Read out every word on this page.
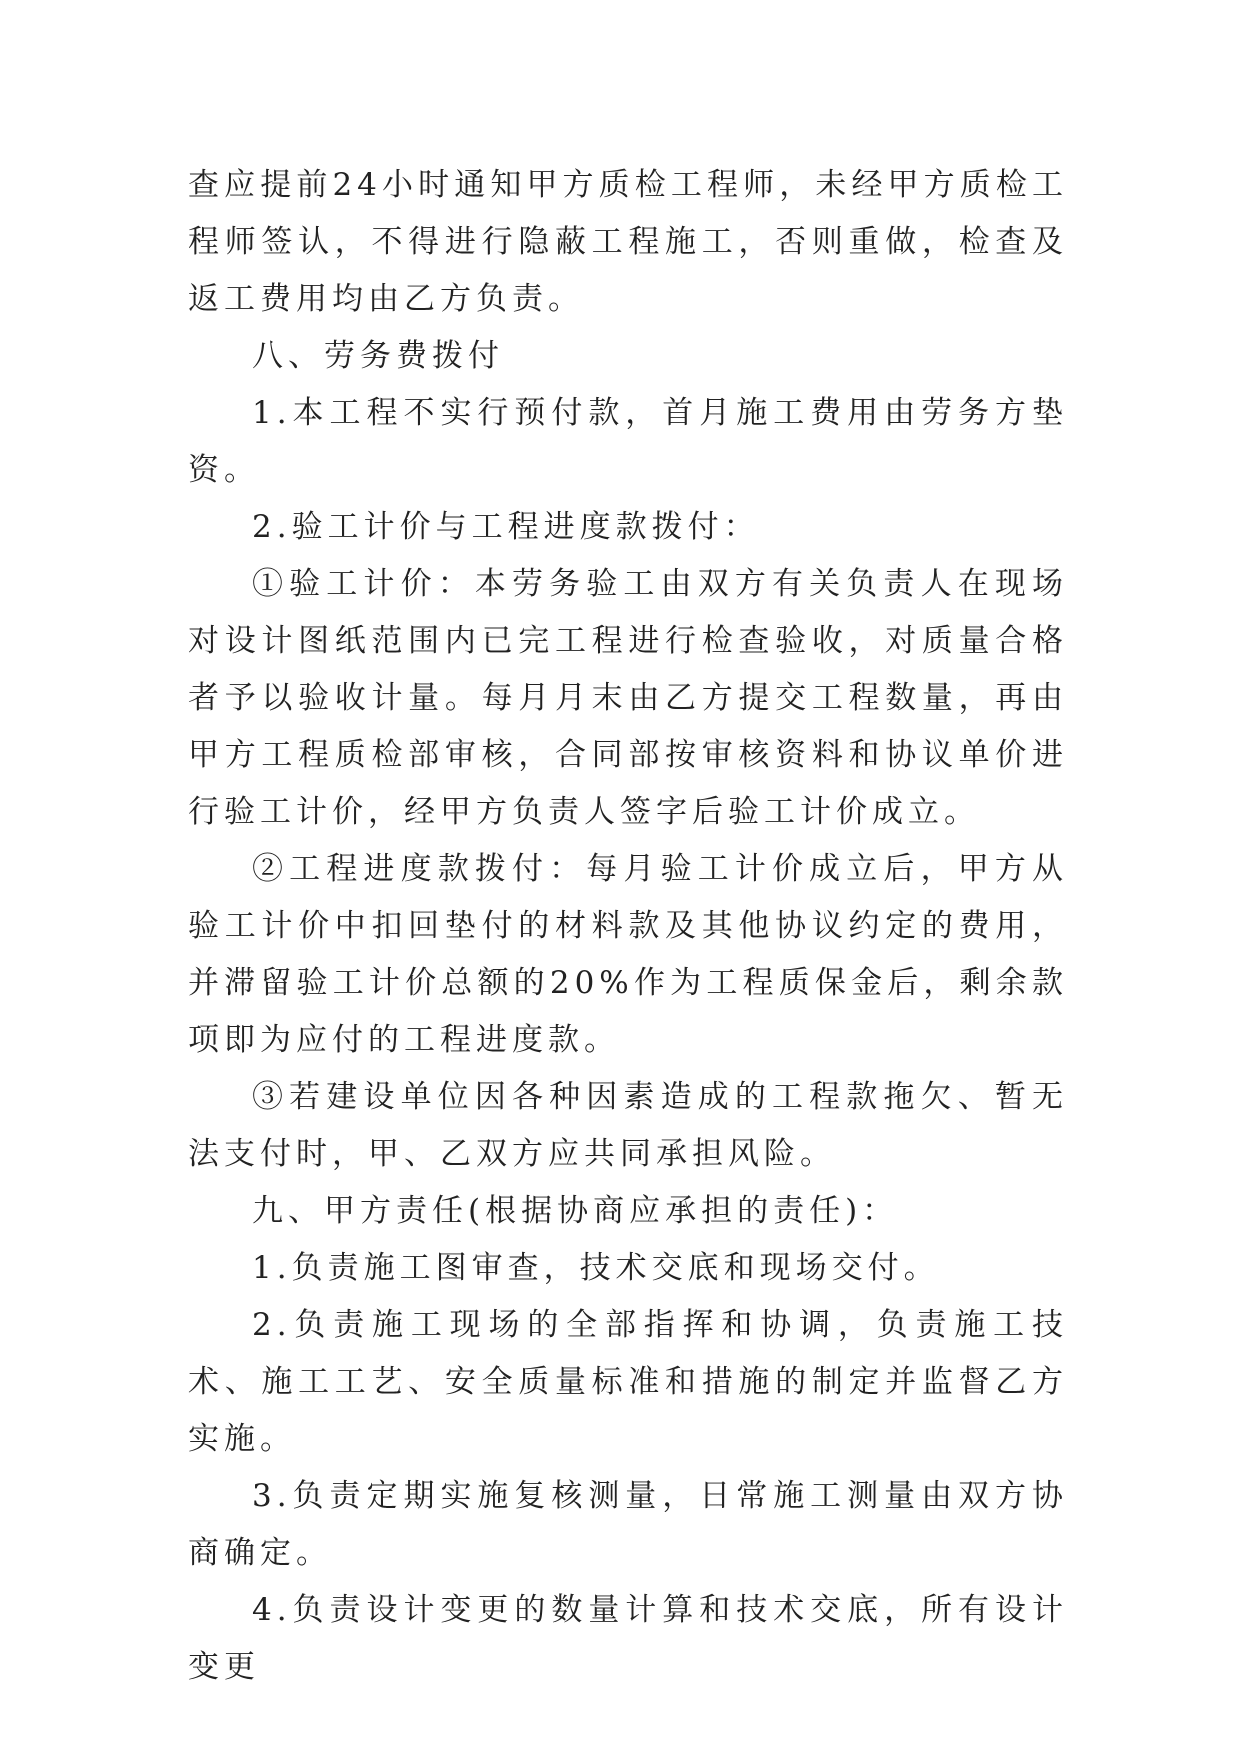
查应提前24小时通知甲方质检工程师，未经甲方质检工程师签认，不得进行隐蔽工程施工，否则重做，检查及返工费用均由乙方负责。

八、劳务费拨付

1.本工程不实行预付款，首月施工费用由劳务方垫资。

2.验工计价与工程进度款拨付：

①验工计价：本劳务验工由双方有关负责人在现场对设计图纸范围内已完工程进行检查验收，对质量合格者予以验收计量。每月月末由乙方提交工程数量，再由甲方工程质检部审核，合同部按审核资料和协议单价进行验工计价，经甲方负责人签字后验工计价成立。

②工程进度款拨付：每月验工计价成立后，甲方从验工计价中扣回垫付的材料款及其他协议约定的费用，并滞留验工计价总额的20%作为工程质保金后，剩余款项即为应付的工程进度款。

③若建设单位因各种因素造成的工程款拖欠、暂无法支付时，甲、乙双方应共同承担风险。

九、甲方责任(根据协商应承担的责任)：

1.负责施工图审查，技术交底和现场交付。

2.负责施工现场的全部指挥和协调，负责施工技术、施工工艺、安全质量标准和措施的制定并监督乙方实施。

3.负责定期实施复核测量，日常施工测量由双方协商确定。

4.负责设计变更的数量计算和技术交底，所有设计变更
